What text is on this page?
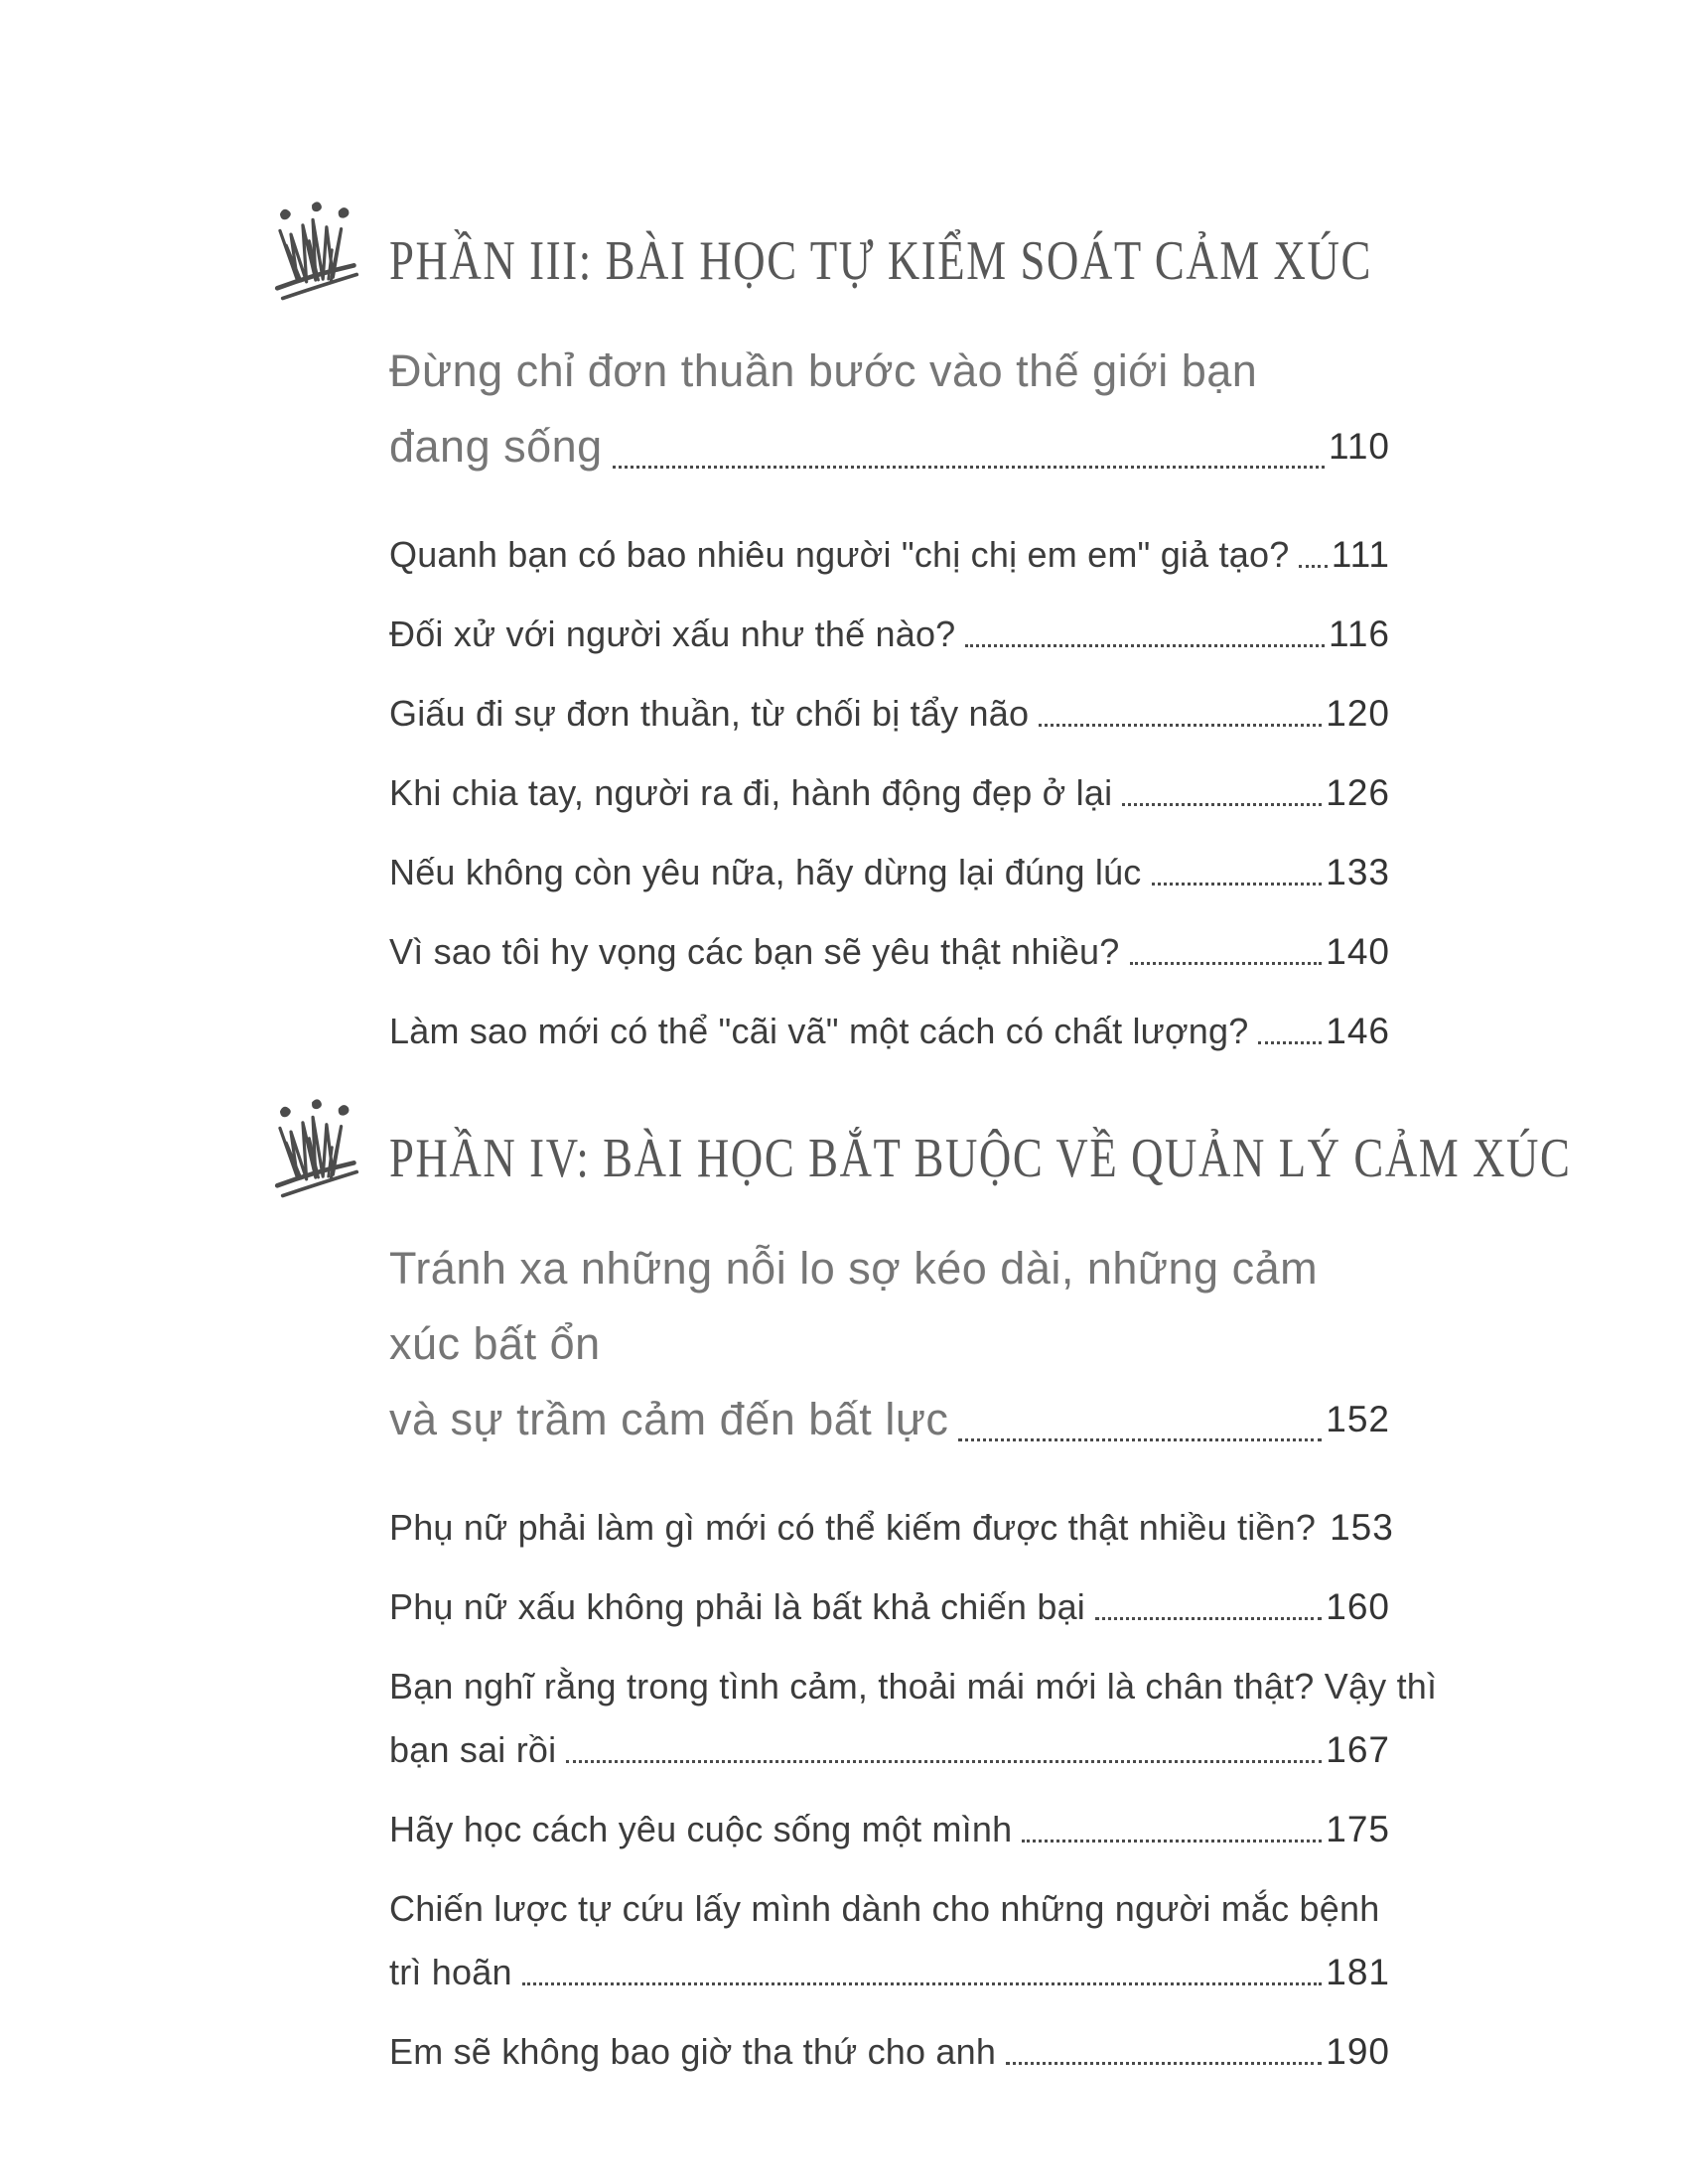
PHẦN III: BÀI HỌC TỰ KIỂM SOÁT CẢM XÚC
Đừng chỉ đơn thuần bước vào thế giới bạn
đang sống	110
Quanh bạn có bao nhiêu người "chị chị em em" giả tạo? 111
Đối xử với người xấu như thế nào?	116
Giấu đi sự đơn thuần, từ chối bị tẩy não	120
Khi chia tay, người ra đi, hành động đẹp ở lại	126
Nếu không còn yêu nữa, hãy dừng lại đúng lúc	133
Vì sao tôi hy vọng các bạn sẽ yêu thật nhiều?	140
Làm sao mới có thể "cãi vã" một cách có chất lượng? 146
PHẦN IV: BÀI HỌC BẮT BUỘC VỀ QUẢN LÝ CẢM XÚC
Tránh xa những nỗi lo sợ kéo dài, những cảm xúc bất ổn
và sự trầm cảm đến bất lực	152
Phụ nữ phải làm gì mới có thể kiếm được thật nhiều tiền? 153
Phụ nữ xấu không phải là bất khả chiến bại	160
Bạn nghĩ rằng trong tình cảm, thoải mái mới là chân thật? Vậy thì
bạn sai rồi	167
Hãy học cách yêu cuộc sống một mình	175
Chiến lược tự cứu lấy mình dành cho những người mắc bệnh
trì hoãn	181
Em sẽ không bao giờ tha thứ cho anh	190
